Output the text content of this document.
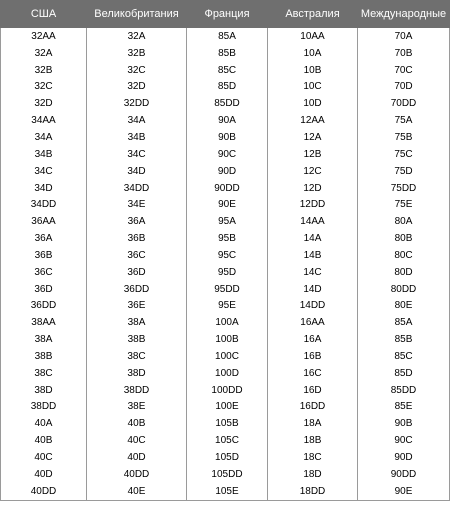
США	Великобритания	Франция	Австралия	Международные
32AA	32A	85A	10AA	70A
32A	32B	85B	10A	70B
32B	32C	85C	10B	70C
32C	32D	85D	10C	70D
32D	32DD	85DD	10D	70DD
34AA	34A	90A	12AA	75A
34A	34B	90B	12A	75B
34B	34C	90C	12B	75C
34C	34D	90D	12C	75D
34D	34DD	90DD	12D	75DD
34DD	34E	90E	12DD	75E
36AA	36A	95A	14AA	80A
36A	36B	95B	14A	80B
36B	36C	95C	14B	80C
36C	36D	95D	14C	80D
36D	36DD	95DD	14D	80DD
36DD	36E	95E	14DD	80E
38AA	38A	100A	16AA	85A
38A	38B	100B	16A	85B
38B	38C	100C	16B	85C
38C	38D	100D	16C	85D
38D	38DD	100DD	16D	85DD
38DD	38E	100E	16DD	85E
40A	40B	105B	18A	90B
40B	40C	105C	18B	90C
40C	40D	105D	18C	90D
40D	40DD	105DD	18D	90DD
40DD	40E	105E	18DD	90E
